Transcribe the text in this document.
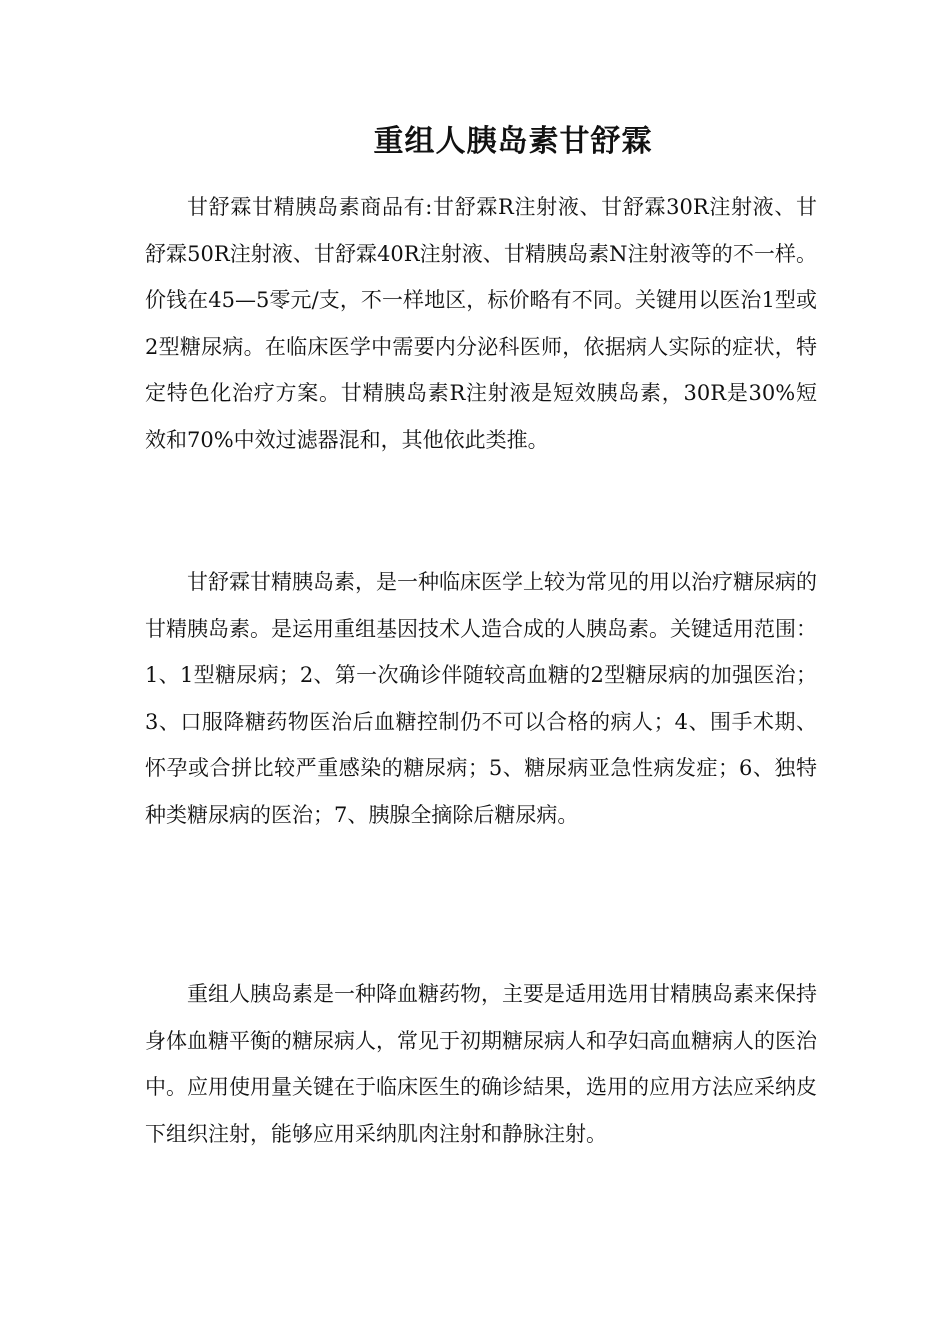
重组人胰岛素甘舒霖

甘舒霖甘精胰岛素商品有:甘舒霖R注射液、甘舒霖30R注射液、甘舒霖50R注射液、甘舒霖40R注射液、甘精胰岛素N注射液等的不一样。价钱在45—5零元/支，不一样地区，标价略有不同。关键用以医治1型或2型糖尿病。在临床医学中需要内分泌科医师，依据病人实际的症状，特定特色化治疗方案。甘精胰岛素R注射液是短效胰岛素，30R是30%短效和70%中效过滤器混和，其他依此类推。

甘舒霖甘精胰岛素，是一种临床医学上较为常见的用以治疗糖尿病的甘精胰岛素。是运用重组基因技术人造合成的人胰岛素。关键适用范围：1、1型糖尿病；2、第一次确诊伴随较高血糖的2型糖尿病的加强医治；3、口服降糖药物医治后血糖控制仍不可以合格的病人；4、围手术期、怀孕或合拼比较严重感染的糖尿病；5、糖尿病亚急性病发症；6、独特种类糖尿病的医治；7、胰腺全摘除后糖尿病。

重组人胰岛素是一种降血糖药物，主要是适用选用甘精胰岛素来保持身体血糖平衡的糖尿病人，常见于初期糖尿病人和孕妇高血糖病人的医治中。应用使用量关键在于临床医生的确诊結果，选用的应用方法应采纳皮下组织注射，能够应用采纳肌肉注射和静脉注射。
